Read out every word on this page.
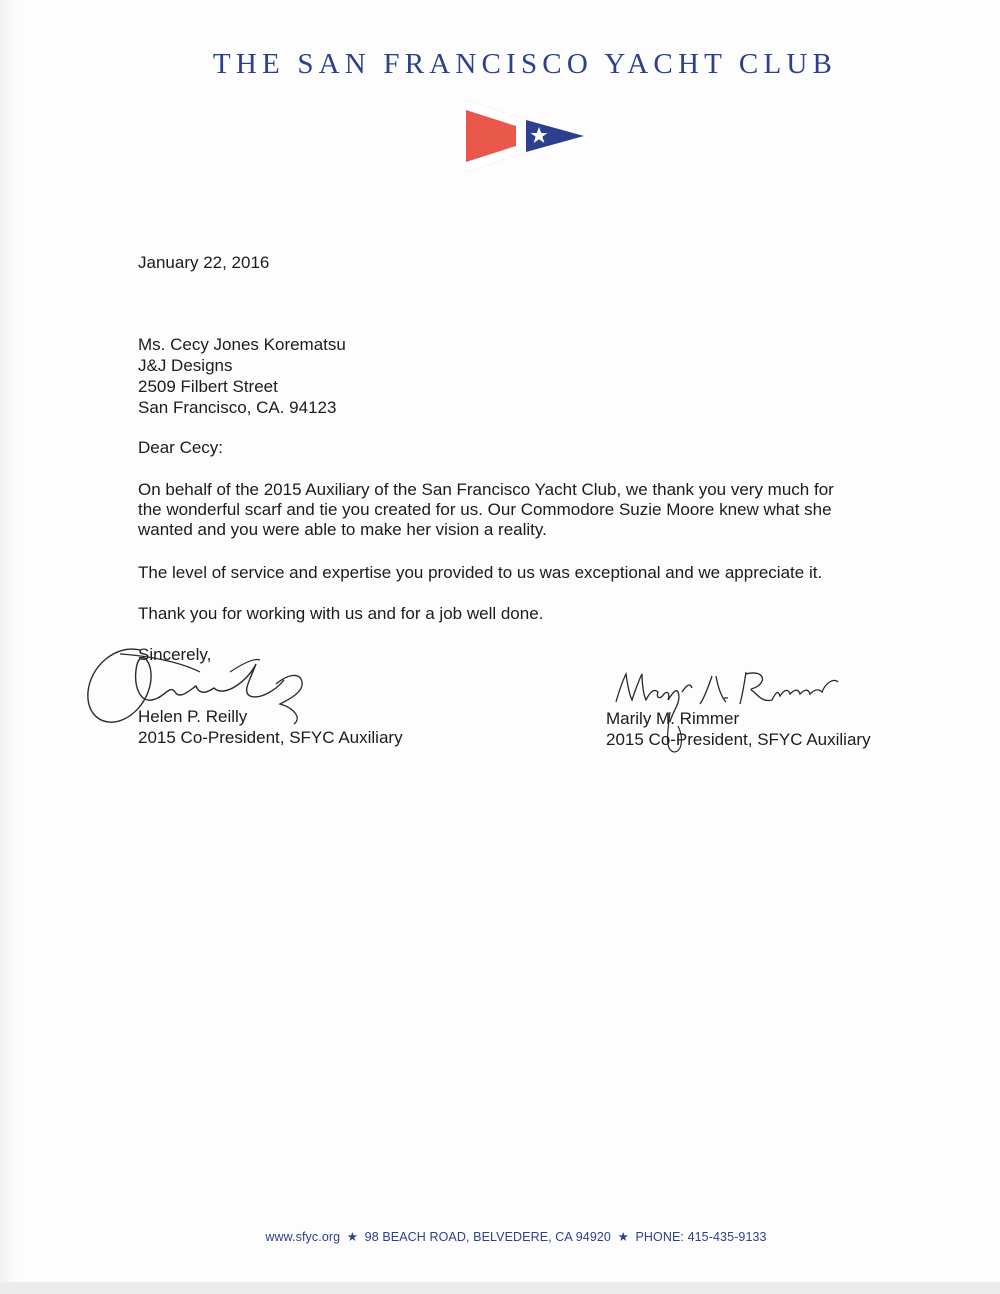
THE SAN FRANCISCO YACHT CLUB
January 22, 2016
Ms. Cecy Jones Korematsu
J&J Designs
2509 Filbert Street
San Francisco, CA. 94123
Dear Cecy:
On behalf of the 2015 Auxiliary of the San Francisco Yacht Club, we thank you very much for
the wonderful scarf and tie you created for us. Our Commodore Suzie Moore knew what she
wanted and you were able to make her vision a reality.
The level of service and expertise you provided to us was exceptional and we appreciate it.
Thank you for working with us and for a job well done.
Sincerely,
Helen P. Reilly
2015 Co-President, SFYC Auxiliary
Marily M. Rimmer
2015 Co-President, SFYC Auxiliary
www.sfyc.org ★ 98 BEACH ROAD, BELVEDERE, CA 94920 ★ PHONE: 415-435-9133
